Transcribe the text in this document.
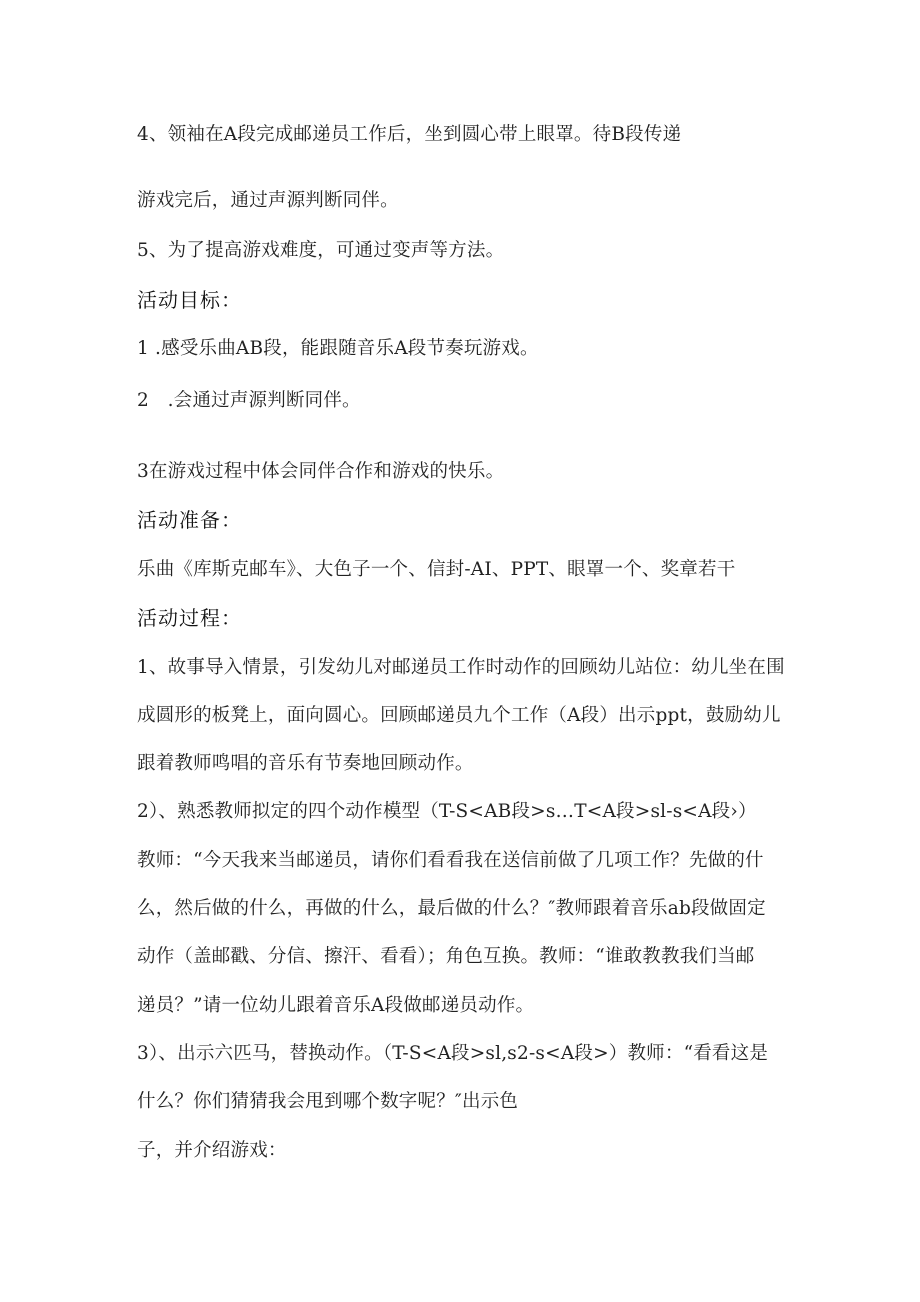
4、领袖在A段完成邮递员工作后，坐到圆心带上眼罩。待B段传递
游戏完后，通过声源判断同伴。
5、为了提高游戏难度，可通过变声等方法。
活动目标：
1 .感受乐曲AB段，能跟随音乐A段节奏玩游戏。
2　.会通过声源判断同伴。
3在游戏过程中体会同伴合作和游戏的快乐。
活动准备：
乐曲《库斯克邮车》、大色子一个、信封-AI、PPT、眼罩一个、奖章若干
活动过程：
1、故事导入情景，引发幼儿对邮递员工作时动作的回顾幼儿站位：幼儿坐在围
成圆形的板凳上，面向圆心。回顾邮递员九个工作（A段）出示ppt，鼓励幼儿
跟着教师鸣唱的音乐有节奏地回顾动作。
2）、熟悉教师拟定的四个动作模型（T-S<AB段>s…T<A段>sl-s<A段›）
教师：“今天我来当邮递员，请你们看看我在送信前做了几项工作？先做的什
么，然后做的什么，再做的什么，最后做的什么？″教师跟着音乐ab段做固定
动作（盖邮戳、分信、擦汗、看看）；角色互换。教师：“谁敢教教我们当邮
递员？”请一位幼儿跟着音乐A段做邮递员动作。
3）、出示六匹马，替换动作。（T-S<A段>sl,s2-s<A段>）教师：“看看这是
什么？你们猜猜我会甩到哪个数字呢？″出示色
子，并介绍游戏：
